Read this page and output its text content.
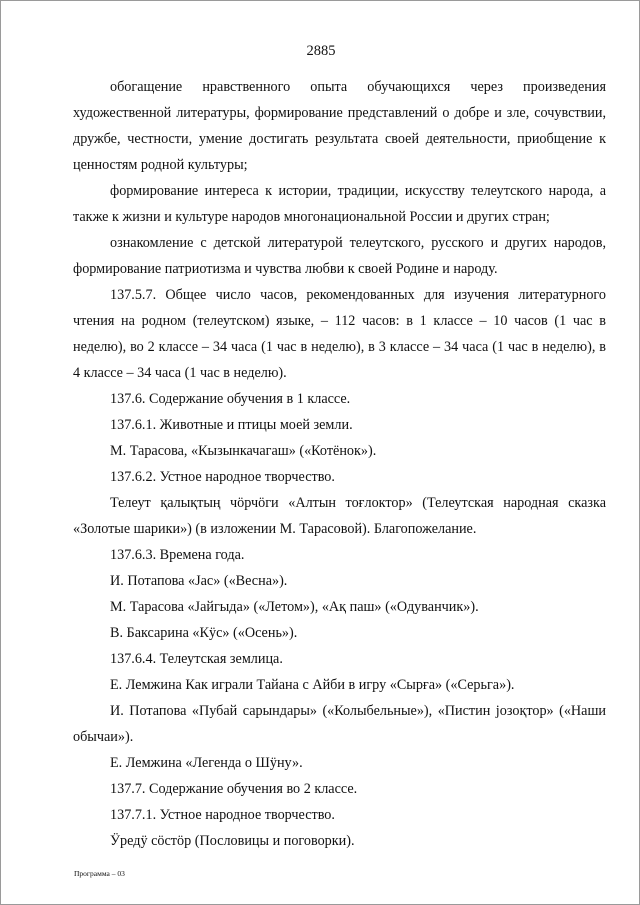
2885

обогащение нравственного опыта обучающихся через произведения художественной литературы, формирование представлений о добре и зле, сочувствии, дружбе, честности, умение достигать результата своей деятельности, приобщение к ценностям родной культуры;

формирование интереса к истории, традиции, искусству телеутского народа, а также к жизни и культуре народов многонациональной России и других стран;

ознакомление с детской литературой телеутского, русского и других народов, формирование патриотизма и чувства любви к своей Родине и народу.

137.5.7. Общее число часов, рекомендованных для изучения литературного чтения на родном (телеутском) языке, – 112 часов: в 1 классе – 10 часов (1 час в неделю), во 2 классе – 34 часа (1 час в неделю), в 3 классе – 34 часа (1 час в неделю), в 4 классе – 34 часа (1 час в неделю).

137.6. Содержание обучения в 1 классе.

137.6.1. Животные и птицы моей земли.

М. Тарасова, «Кызынкачагаш» («Котёнок»).

137.6.2. Устное народное творчество.

Телеут қалықтың чӧрчӧги «Алтын тоғлоктор» (Телеутская народная сказка «Золотые шарики») (в изложении М. Тарасовой). Благопожелание.

137.6.3. Времена года.

И. Потапова «Јас» («Весна»).

М. Тарасова «Јайгыда» («Летом»), «Ақ паш» («Одуванчик»).

В. Баксарина «Кӱс» («Осень»).

137.6.4. Телеутская землица.

Е. Лемжина Как играли Тайана с Айби в игру «Сырға» («Серьга»).

И. Потапова «Пубай сарындары» («Колыбельные»), «Пистин јозоқтор» («Наши обычаи»).

Е. Лемжина «Легенда о Шӱну».

137.7. Содержание обучения во 2 классе.

137.7.1. Устное народное творчество.

Ӱредӱ сӧстӧр (Пословицы и поговорки).

Программа – 03
